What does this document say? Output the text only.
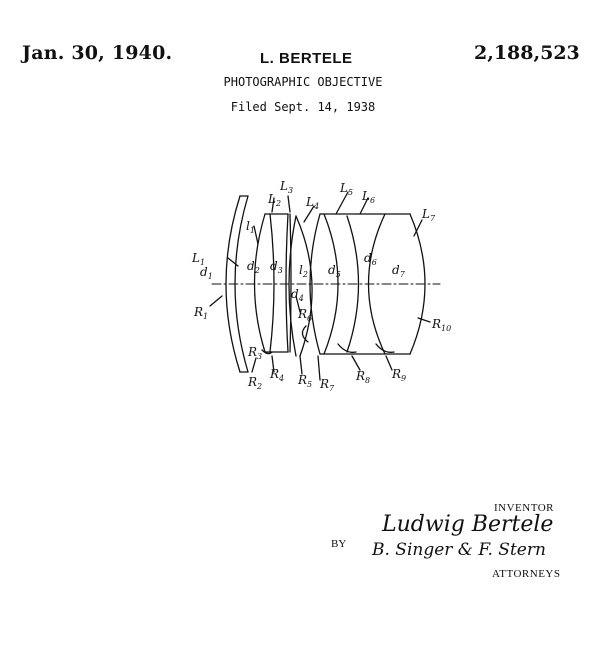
Jan. 30, 1940.	L. BERTELE	2,188,523
PHOTOGRAPHIC OBJECTIVE
Filed Sept. 14, 1938
$L_1$
$d_1$
$R_1$
$l_1$
$d_2$
$L_2$
$L_3$
$d_3$
$L_4$
$l_2$
$d_4$
$R_6$
$L_5$ $L_6$
$d_5$
$d_6$
$d_7$
$L_7$
$R_{10}$
$R_3$
$R_2$
$R_4$ $R_5$ $R_7$
$R_8$ $R_9$
INVENTOR
Ludwig Bertele
BY B. Singer & F. Stern
ATTORNEYS
